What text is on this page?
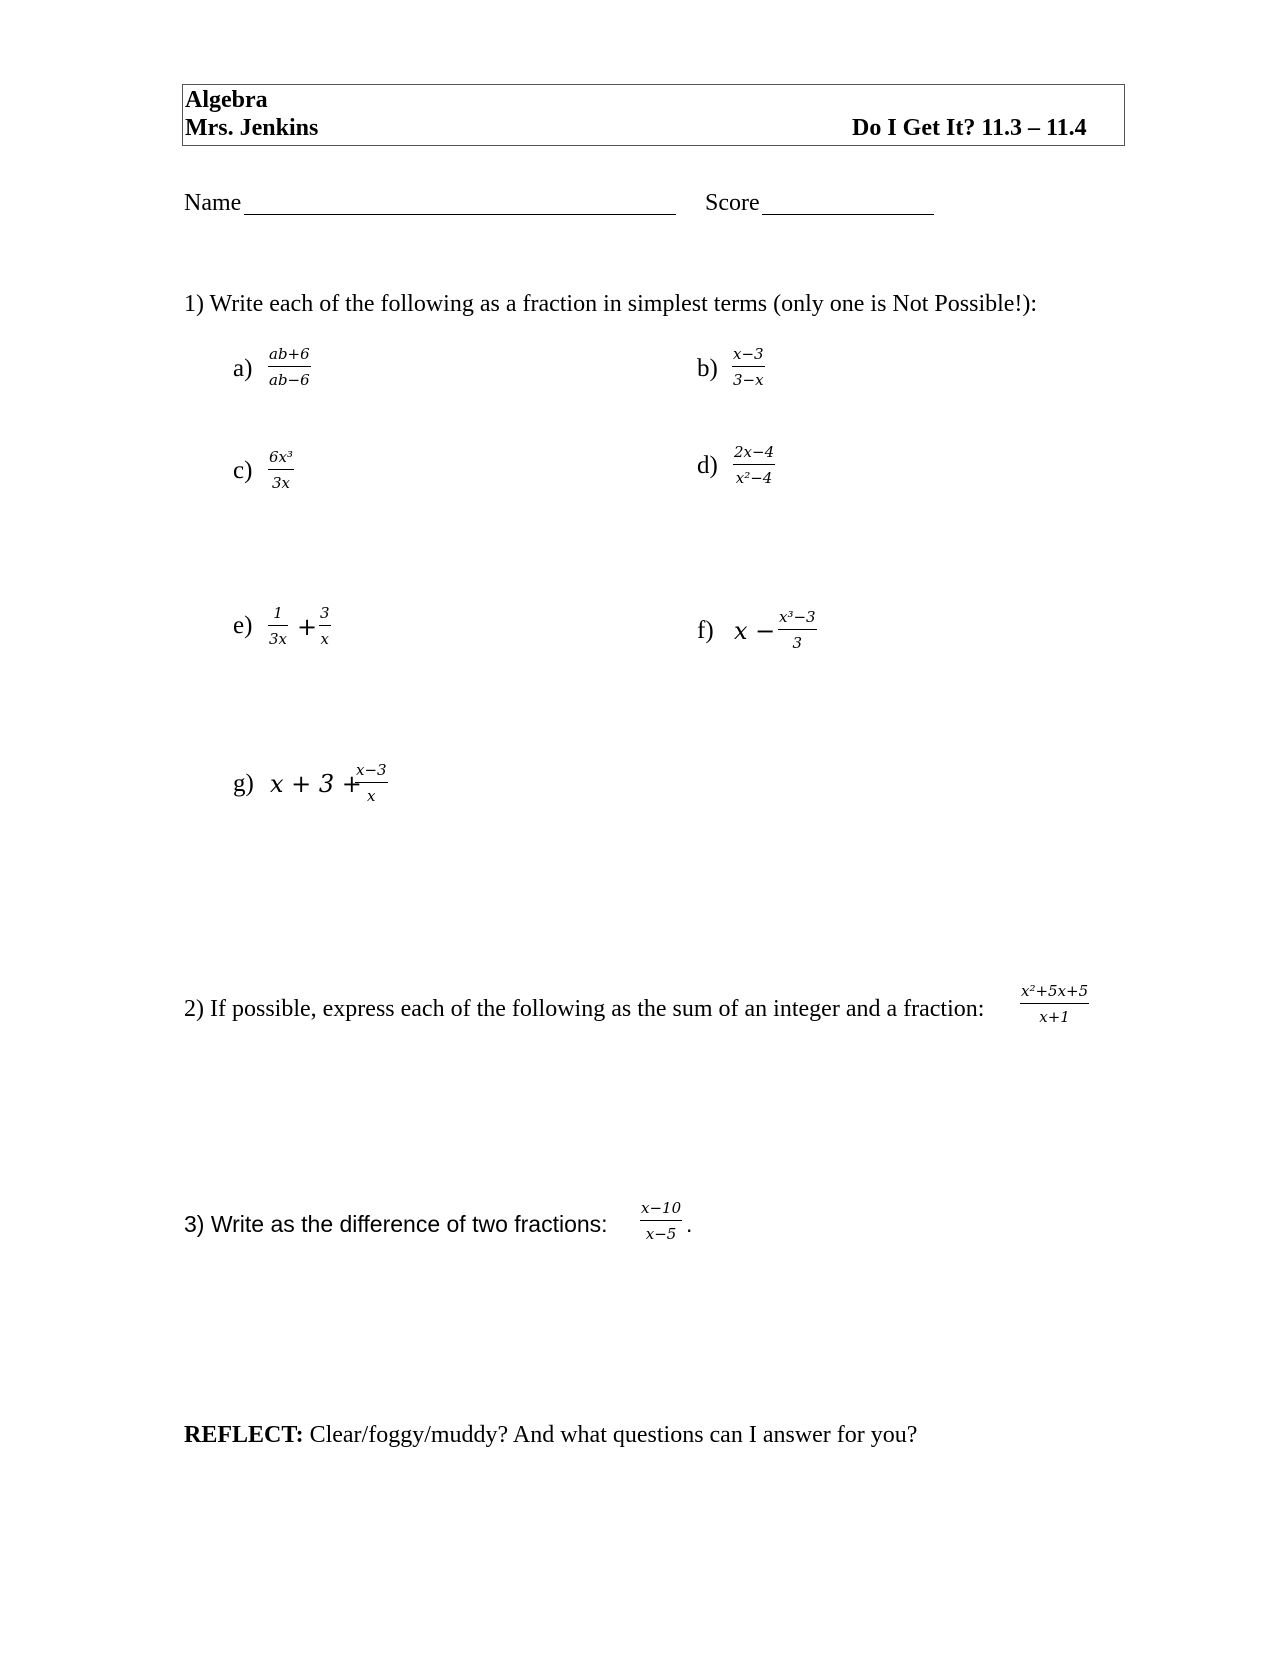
Algebra
Mrs. Jenkins	Do I Get It? 11.3 – 11.4
Name	Score
1) Write each of the following as a fraction in simplest terms (only one is Not Possible!):
a)
ab+6
ab−6	b)
x−3
3−x
c) 6x³
3x
d) 2x−4
x²−4
e) 1
3x + 3
x	f) x − x³−3
3
g) x + 3 +
x−3
x
2) If possible, express each of the following as the sum of an integer and a fraction:
x²+5x+5
x+1
3) Write as the difference of two fractions:
x−10
x−5 .
REFLECT: Clear/foggy/muddy? And what questions can I answer for you?
